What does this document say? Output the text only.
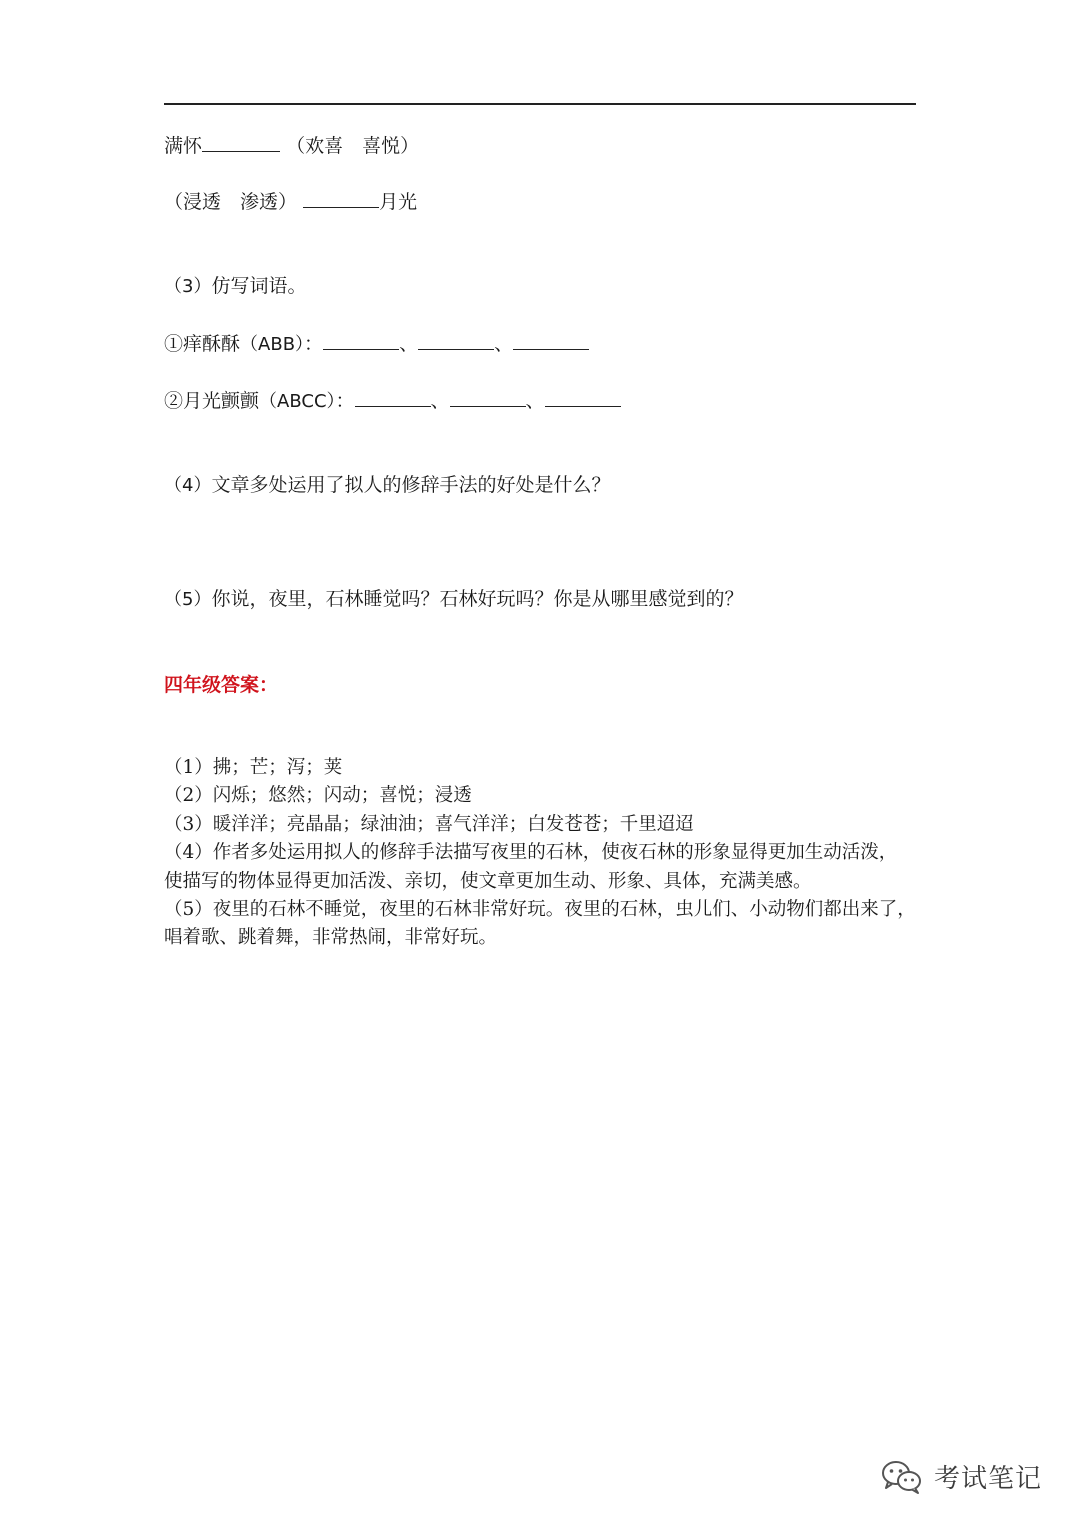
满怀	（欢喜　喜悦）
（浸透　渗透）	月光
（3）仿写词语。
①痒酥酥（ABB）：	、	、
②月光颤颤（ABCC）：	、	、
（4）文章多处运用了拟人的修辞手法的好处是什么？
（5）你说，夜里，石林睡觉吗？石林好玩吗？你是从哪里感觉到的？
四年级答案：
（1）拂；芒；泻；荚
（2）闪烁；悠然；闪动；喜悦；浸透
（3）暖洋洋；亮晶晶；绿油油；喜气洋洋；白发苍苍；千里迢迢
（4）作者多处运用拟人的修辞手法描写夜里的石林，使夜石林的形象显得更加生动活泼，
使描写的物体显得更加活泼、亲切，使文章更加生动、形象、具体，充满美感。
（5）夜里的石林不睡觉，夜里的石林非常好玩。夜里的石林，虫儿们、小动物们都出来了，
唱着歌、跳着舞，非常热闹，非常好玩。
考试笔记
